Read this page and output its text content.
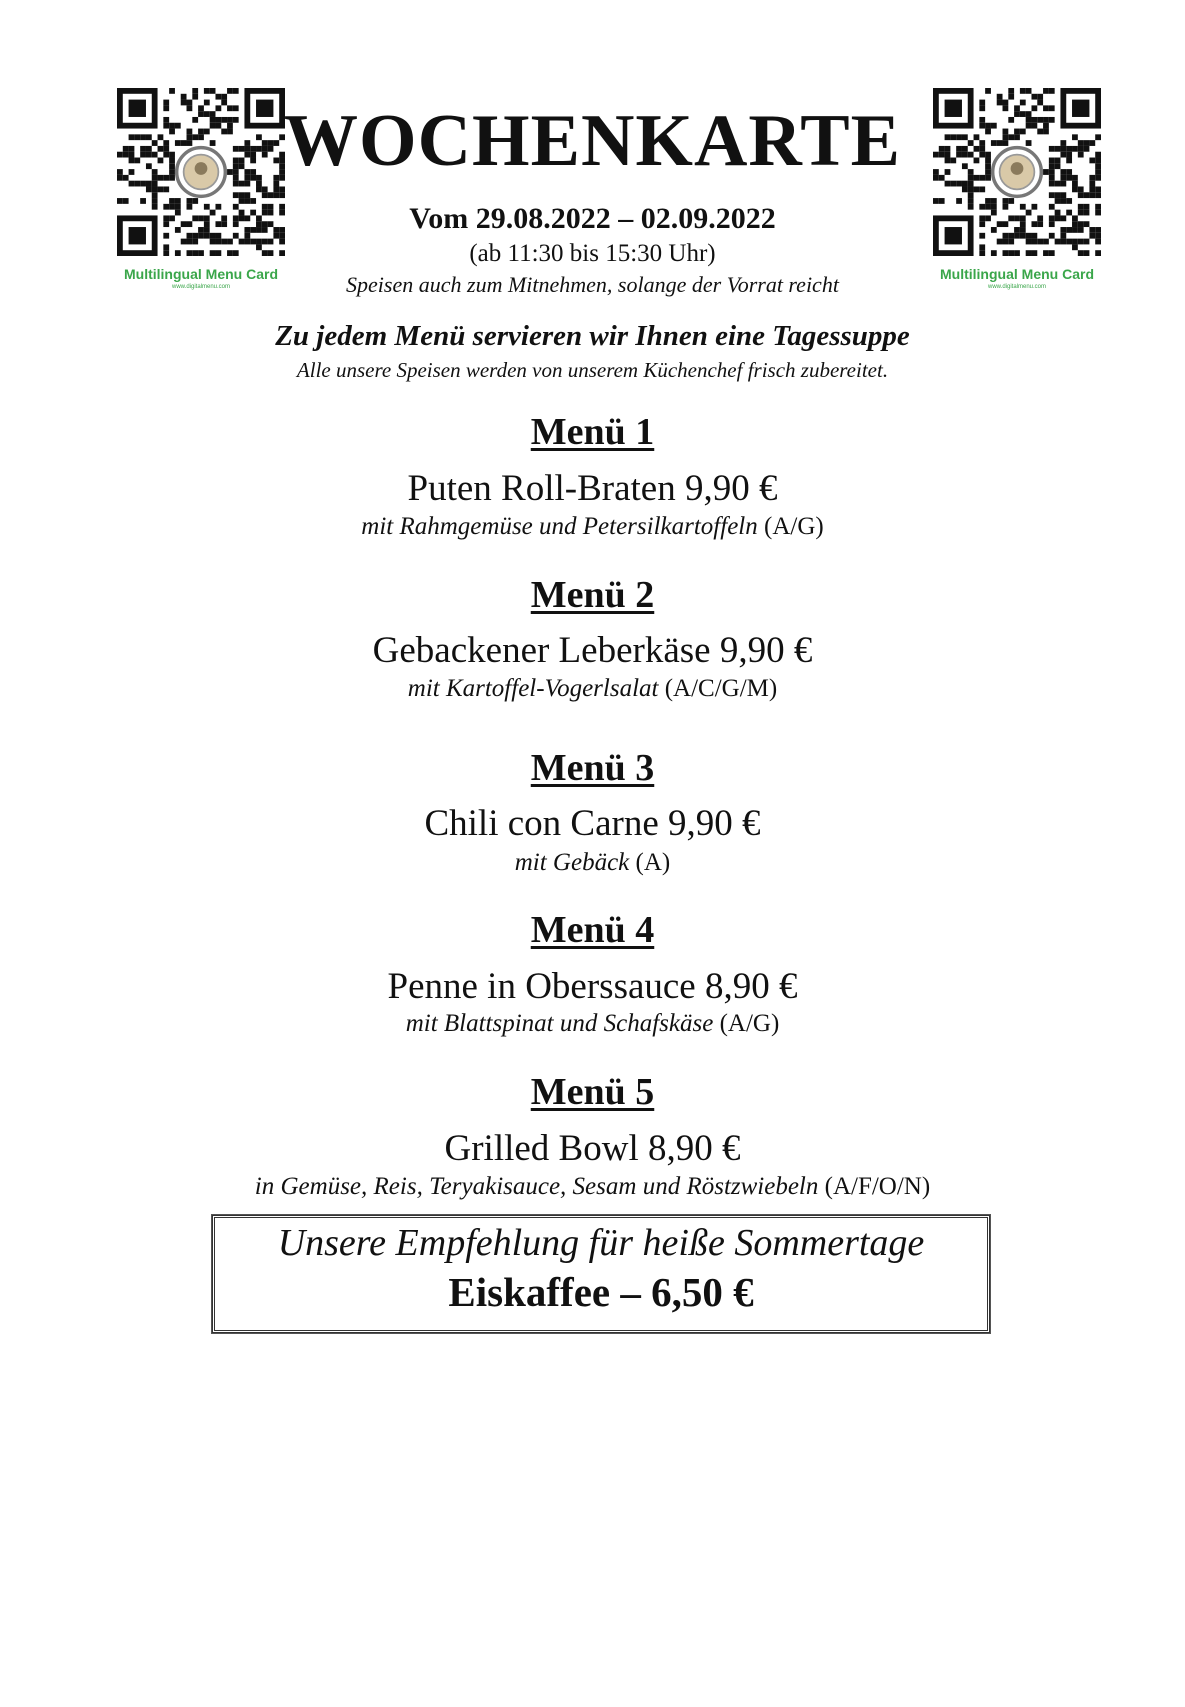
Multilingual Menu Card
www.digitalmenu.com
Multilingual Menu Card
www.digitalmenu.com
WOCHENKARTE
Vom 29.08.2022 – 02.09.2022
(ab 11:30 bis 15:30 Uhr)
Speisen auch zum Mitnehmen, solange der Vorrat reicht
Zu jedem Menü servieren wir Ihnen eine Tagessuppe
Alle unsere Speisen werden von unserem Küchenchef frisch zubereitet.
Menü 1
Puten Roll-Braten 9,90 €
mit Rahmgemüse und Petersilkartoffeln (A/G)
Menü 2
Gebackener Leberkäse 9,90 €
mit Kartoffel-Vogerlsalat (A/C/G/M)
Menü 3
Chili con Carne 9,90 €
mit Gebäck (A)
Menü 4
Penne in Oberssauce 8,90 €
mit Blattspinat und Schafskäse (A/G)
Menü 5
Grilled Bowl 8,90 €
in Gemüse, Reis, Teryakisauce, Sesam und Röstzwiebeln (A/F/O/N)
Unsere Empfehlung für heiße Sommertage
Eiskaffee – 6,50 €
